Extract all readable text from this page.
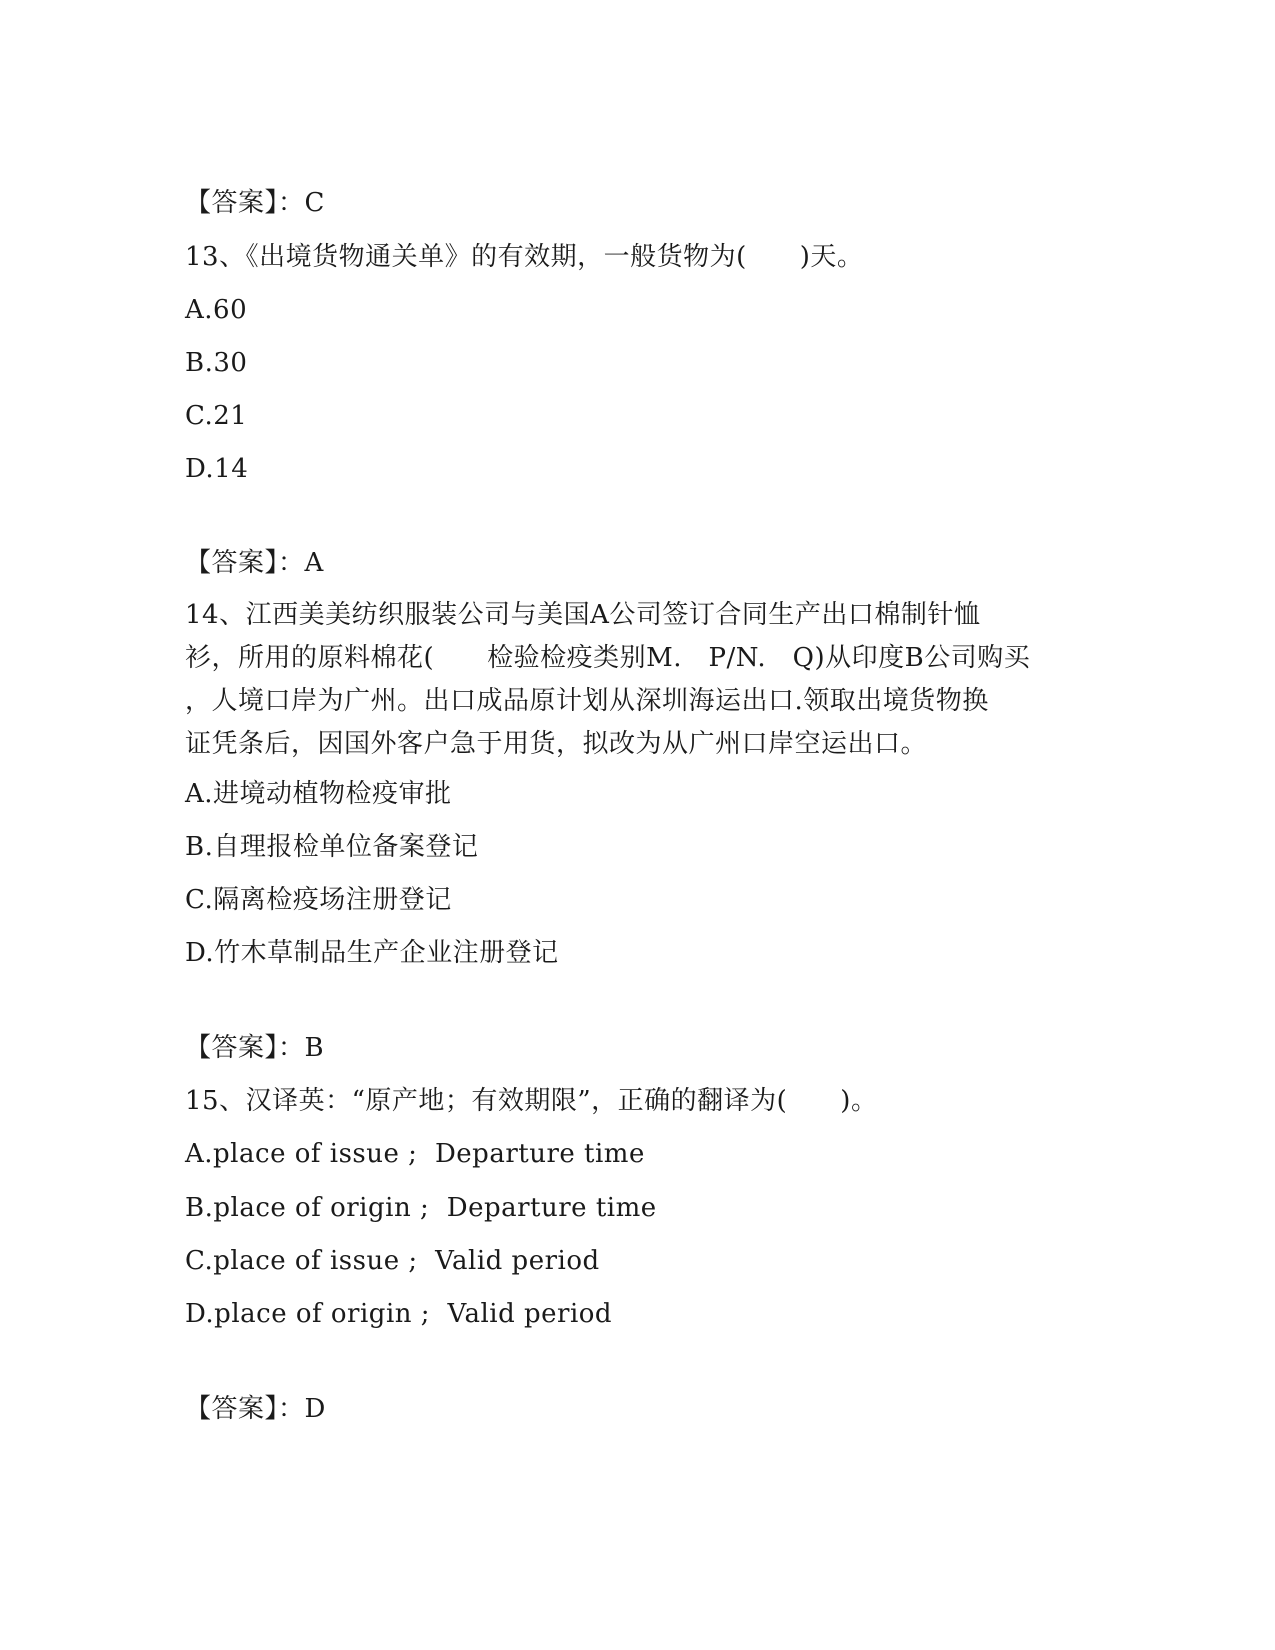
【答案】：C
13、《出境货物通关单》的有效期，一般货物为(　　)天。
A.60
B.30
C.21
D.14
【答案】：A
14、江西美美纺织服装公司与美国A公司签订合同生产出口棉制针恤
衫，所用的原料棉花(　　检验检疫类别M.　P/N.　Q)从印度B公司购买
，人境口岸为广州。出口成品原计划从深圳海运出口.领取出境货物换
证凭条后，因国外客户急于用货，拟改为从广州口岸空运出口。
A.进境动植物检疫审批
B.自理报检单位备案登记
C.隔离检疫场注册登记
D.竹木草制品生产企业注册登记
【答案】：B
15、汉译英：“原产地；有效期限”，正确的翻译为(　　)。
A.place of issue ;  Departure time
B.place of origin ;  Departure time
C.place of issue ;  Valid period
D.place of origin ;  Valid period
【答案】：D
